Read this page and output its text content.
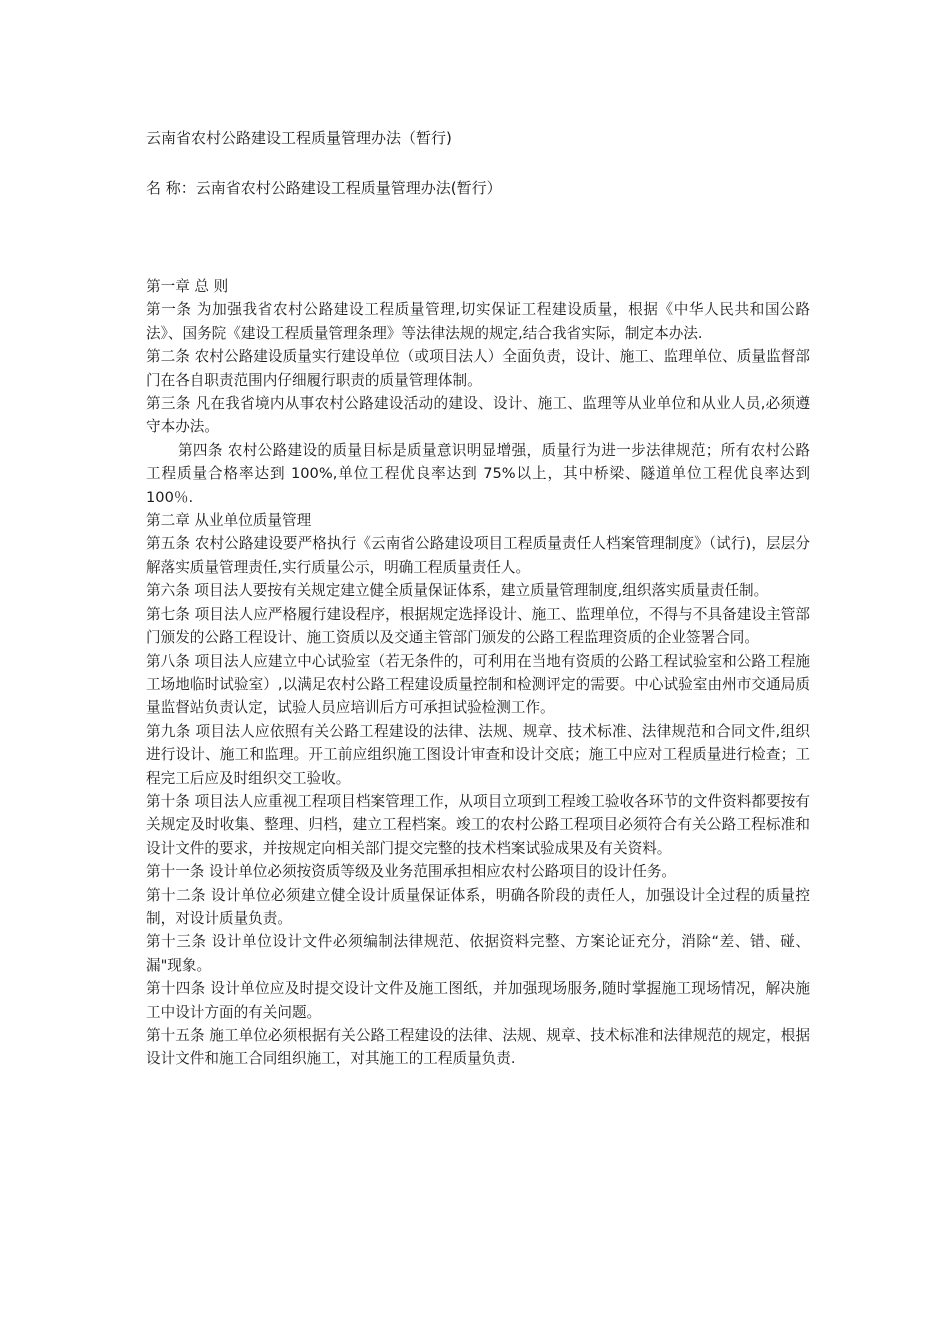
云南省农村公路建设工程质量管理办法（暂行)
名 称：云南省农村公路建设工程质量管理办法(暂行）

第一章 总 则

第一条 为加强我省农村公路建设工程质量管理,切实保证工程建设质量，根据《中华人民共和国公路法》、国务院《建设工程质量管理条理》等法律法规的规定,结合我省实际，制定本办法.

第二条 农村公路建设质量实行建设单位（或项目法人）全面负责，设计、施工、监理单位、质量监督部门在各自职责范围内仔细履行职责的质量管理体制。

第三条 凡在我省境内从事农村公路建设活动的建设、设计、施工、监理等从业单位和从业人员,必须遵守本办法。

第四条 农村公路建设的质量目标是质量意识明显增强，质量行为进一步法律规范；所有农村公路工程质量合格率达到 100%,单位工程优良率达到 75%以上，其中桥梁、隧道单位工程优良率达到 100％.

第二章 从业单位质量管理

第五条 农村公路建设要严格执行《云南省公路建设项目工程质量责任人档案管理制度》（试行)，层层分解落实质量管理责任,实行质量公示，明确工程质量责任人。

第六条 项目法人要按有关规定建立健全质量保证体系，建立质量管理制度,组织落实质量责任制。

第七条 项目法人应严格履行建设程序，根据规定选择设计、施工、监理单位，不得与不具备建设主管部门颁发的公路工程设计、施工资质以及交通主管部门颁发的公路工程监理资质的企业签署合同。

第八条 项目法人应建立中心试验室（若无条件的，可利用在当地有资质的公路工程试验室和公路工程施工场地临时试验室）,以满足农村公路工程建设质量控制和检测评定的需要。中心试验室由州市交通局质量监督站负责认定，试验人员应培训后方可承担试验检测工作。

第九条 项目法人应依照有关公路工程建设的法律、法规、规章、技术标准、法律规范和合同文件,组织进行设计、施工和监理。开工前应组织施工图设计审查和设计交底；施工中应对工程质量进行检查；工程完工后应及时组织交工验收。

第十条 项目法人应重视工程项目档案管理工作，从项目立项到工程竣工验收各环节的文件资料都要按有关规定及时收集、整理、归档，建立工程档案。竣工的农村公路工程项目必须符合有关公路工程标准和设计文件的要求，并按规定向相关部门提交完整的技术档案试验成果及有关资料。

第十一条 设计单位必须按资质等级及业务范围承担相应农村公路项目的设计任务。

第十二条 设计单位必须建立健全设计质量保证体系，明确各阶段的责任人，加强设计全过程的质量控制，对设计质量负责。

第十三条 设计单位设计文件必须编制法律规范、依据资料完整、方案论证充分，消除“差、错、碰、漏"现象。

第十四条 设计单位应及时提交设计文件及施工图纸，并加强现场服务,随时掌握施工现场情况，解决施工中设计方面的有关问题。

第十五条 施工单位必须根据有关公路工程建设的法律、法规、规章、技术标准和法律规范的规定，根据设计文件和施工合同组织施工，对其施工的工程质量负责.
